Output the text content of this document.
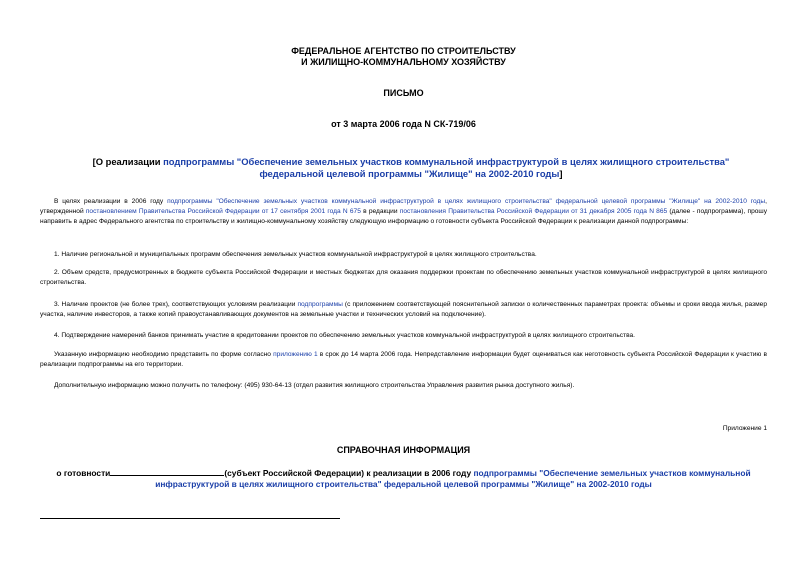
ФЕДЕРАЛЬНОЕ АГЕНТСТВО ПО СТРОИТЕЛЬСТВУ
И ЖИЛИЩНО-КОММУНАЛЬНОМУ ХОЗЯЙСТВУ
ПИСЬМО
от 3 марта 2006 года N СК-719/06
[О реализации подпрограммы "Обеспечение земельных участков коммунальной инфраструктурой в целях жилищного строительства" федеральной целевой программы "Жилище" на 2002-2010 годы]

В целях реализации в 2006 году подпрограммы "Обеспечение земельных участков коммунальной инфраструктурой в целях жилищного строительства" федеральной целевой программы "Жилище" на 2002-2010 годы, утвержденной постановлением Правительства Российской Федерации от 17 сентября 2001 года N 675 в редакции постановления Правительства Российской Федерации от 31 декабря 2005 года N 865 (далее - подпрограмма), прошу направить в адрес Федерального агентства по строительству и жилищно-коммунальному хозяйству следующую информацию о готовности субъекта Российской Федерации к реализации данной подпрограммы:

1. Наличие региональной и муниципальных программ обеспечения земельных участков коммунальной инфраструктурой в целях жилищного строительства.

2. Объем средств, предусмотренных в бюджете субъекта Российской Федерации и местных бюджетах для оказания поддержки проектам по обеспечению земельных участков коммунальной инфраструктурой в целях жилищного строительства.

3. Наличие проектов (не более трех), соответствующих условиям реализации подпрограммы (с приложением соответствующей пояснительной записки о количественных параметрах проекта: объемы и сроки ввода жилья, размер участка, наличие инвесторов, а также копий правоустанавливающих документов на земельные участки и технических условий на подключение).

4. Подтверждение намерений банков принимать участие в кредитовании проектов по обеспечению земельных участков коммунальной инфраструктурой в целях жилищного строительства.

Указанную информацию необходимо представить по форме согласно приложению 1 в срок до 14 марта 2006 года. Непредставление информации будет оцениваться как неготовность субъекта Российской Федерации к участию в реализации подпрограммы на его территории.

Дополнительную информацию можно получить по телефону: (495) 930-64-13 (отдел развития жилищного строительства Управления развития рынка доступного жилья).

Приложение 1
СПРАВОЧНАЯ ИНФОРМАЦИЯ
о готовности	(субъект Российской Федерации) к реализации в 2006 году подпрограммы "Обеспечение земельных участков коммунальной инфраструктурой в целях жилищного строительства" федеральной целевой программы "Жилище" на 2002-2010 годы
